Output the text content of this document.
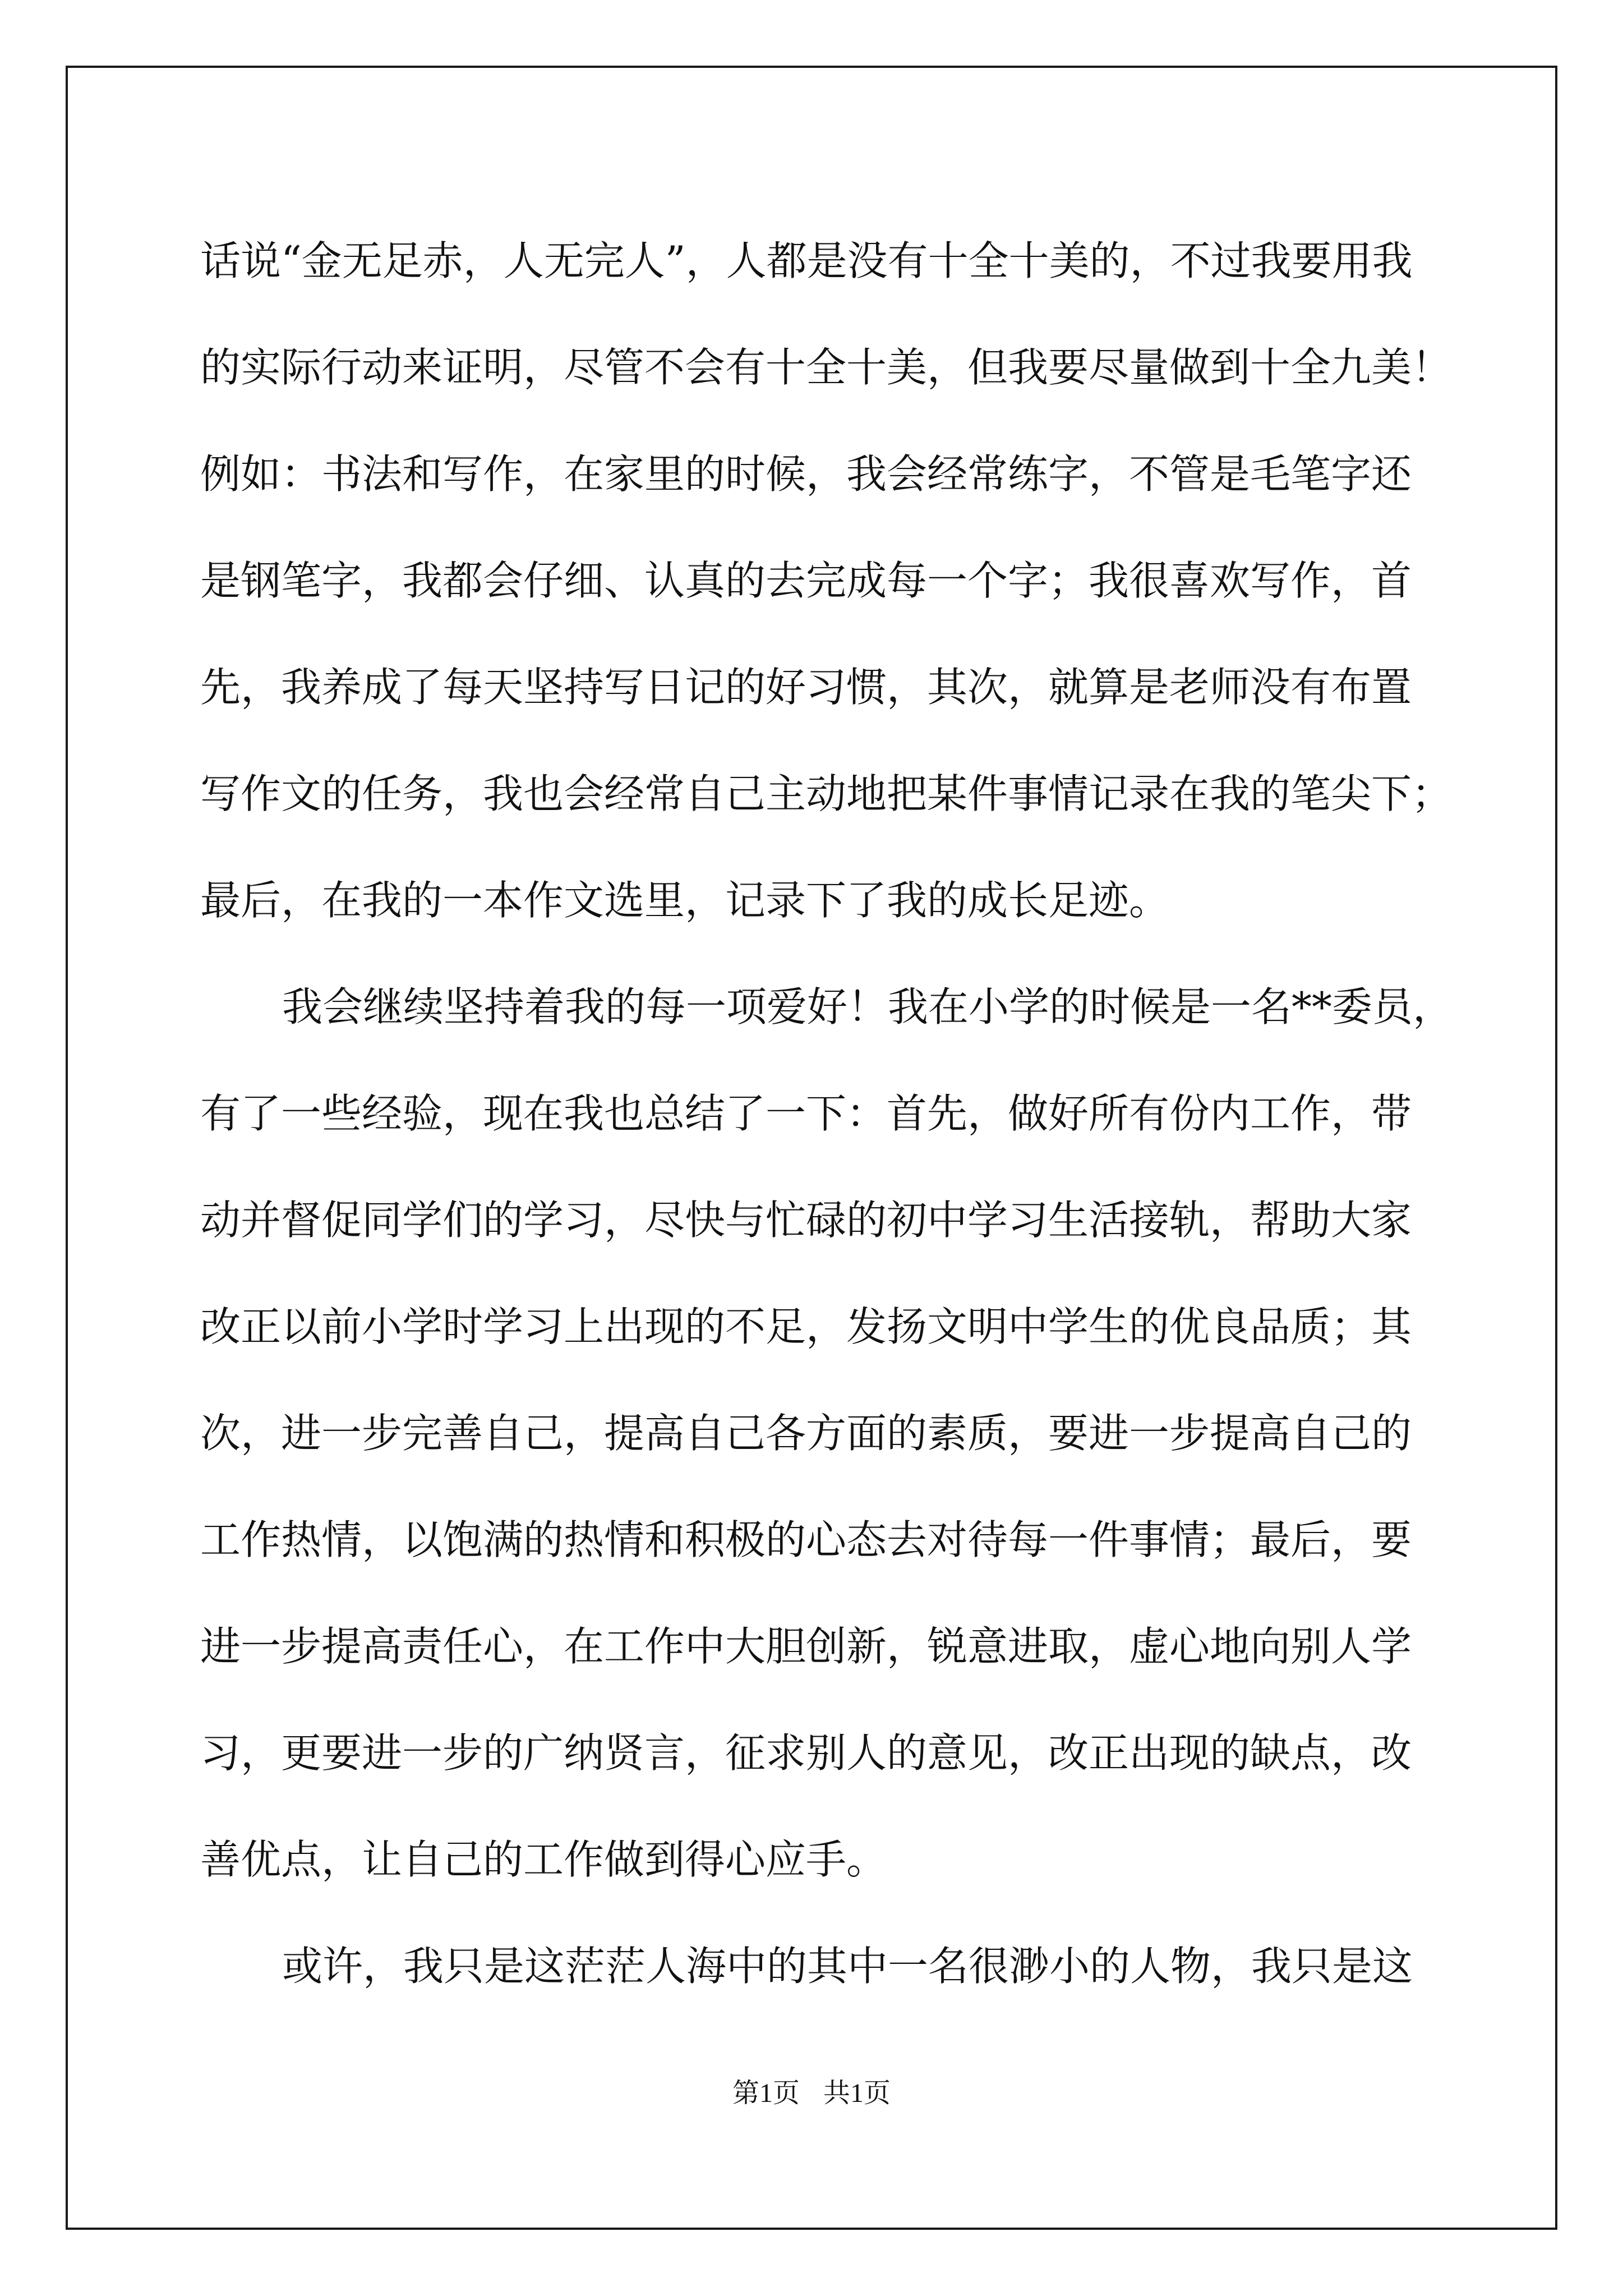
话说“金无足赤，人无完人”，人都是没有十全十美的，不过我要用我
的实际行动来证明，尽管不会有十全十美，但我要尽量做到十全九美！
例如：书法和写作，在家里的时候，我会经常练字，不管是毛笔字还
是钢笔字，我都会仔细、认真的去完成每一个字；我很喜欢写作，首
先，我养成了每天坚持写日记的好习惯，其次，就算是老师没有布置
写作文的任务，我也会经常自己主动地把某件事情记录在我的笔尖下；
最后，在我的一本作文选里，记录下了我的成长足迹。
我会继续坚持着我的每一项爱好！我在小学的时候是一名**委员，
有了一些经验，现在我也总结了一下：首先，做好所有份内工作，带
动并督促同学们的学习，尽快与忙碌的初中学习生活接轨，帮助大家
改正以前小学时学习上出现的不足，发扬文明中学生的优良品质；其
次，进一步完善自己，提高自己各方面的素质，要进一步提高自己的
工作热情，以饱满的热情和积极的心态去对待每一件事情；最后，要
进一步提高责任心，在工作中大胆创新，锐意进取，虚心地向别人学
习，更要进一步的广纳贤言，征求别人的意见，改正出现的缺点，改
善优点，让自己的工作做到得心应手。
或许，我只是这茫茫人海中的其中一名很渺小的人物，我只是这
第1页 共1页
